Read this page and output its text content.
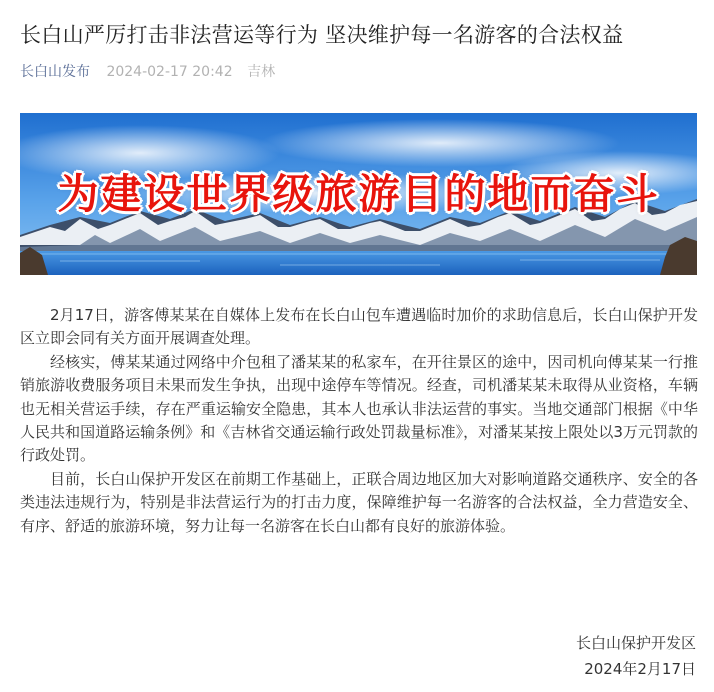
长白山严厉打击非法营运等行为 坚决维护每一名游客的合法权益
长白山发布 2024-02-17 20:42 吉林
为建设世界级旅游目的地而奋斗

2月17日，游客傅某某在自媒体上发布在长白山包车遭遇临时加价的求助信息后，长白山保护开发区立即会同有关方面开展调查处理。

经核实，傅某某通过网络中介包租了潘某某的私家车，在开往景区的途中，因司机向傅某某一行推销旅游收费服务项目未果而发生争执，出现中途停车等情况。经查，司机潘某某未取得从业资格，车辆也无相关营运手续，存在严重运输安全隐患，其本人也承认非法运营的事实。当地交通部门根据《中华人民共和国道路运输条例》和《吉林省交通运输行政处罚裁量标准》，对潘某某按上限处以3万元罚款的行政处罚。

目前，长白山保护开发区在前期工作基础上，正联合周边地区加大对影响道路交通秩序、安全的各类违法违规行为，特别是非法营运行为的打击力度，保障维护每一名游客的合法权益，全力营造安全、有序、舒适的旅游环境，努力让每一名游客在长白山都有良好的旅游体验。

长白山保护开发区
2024年2月17日
